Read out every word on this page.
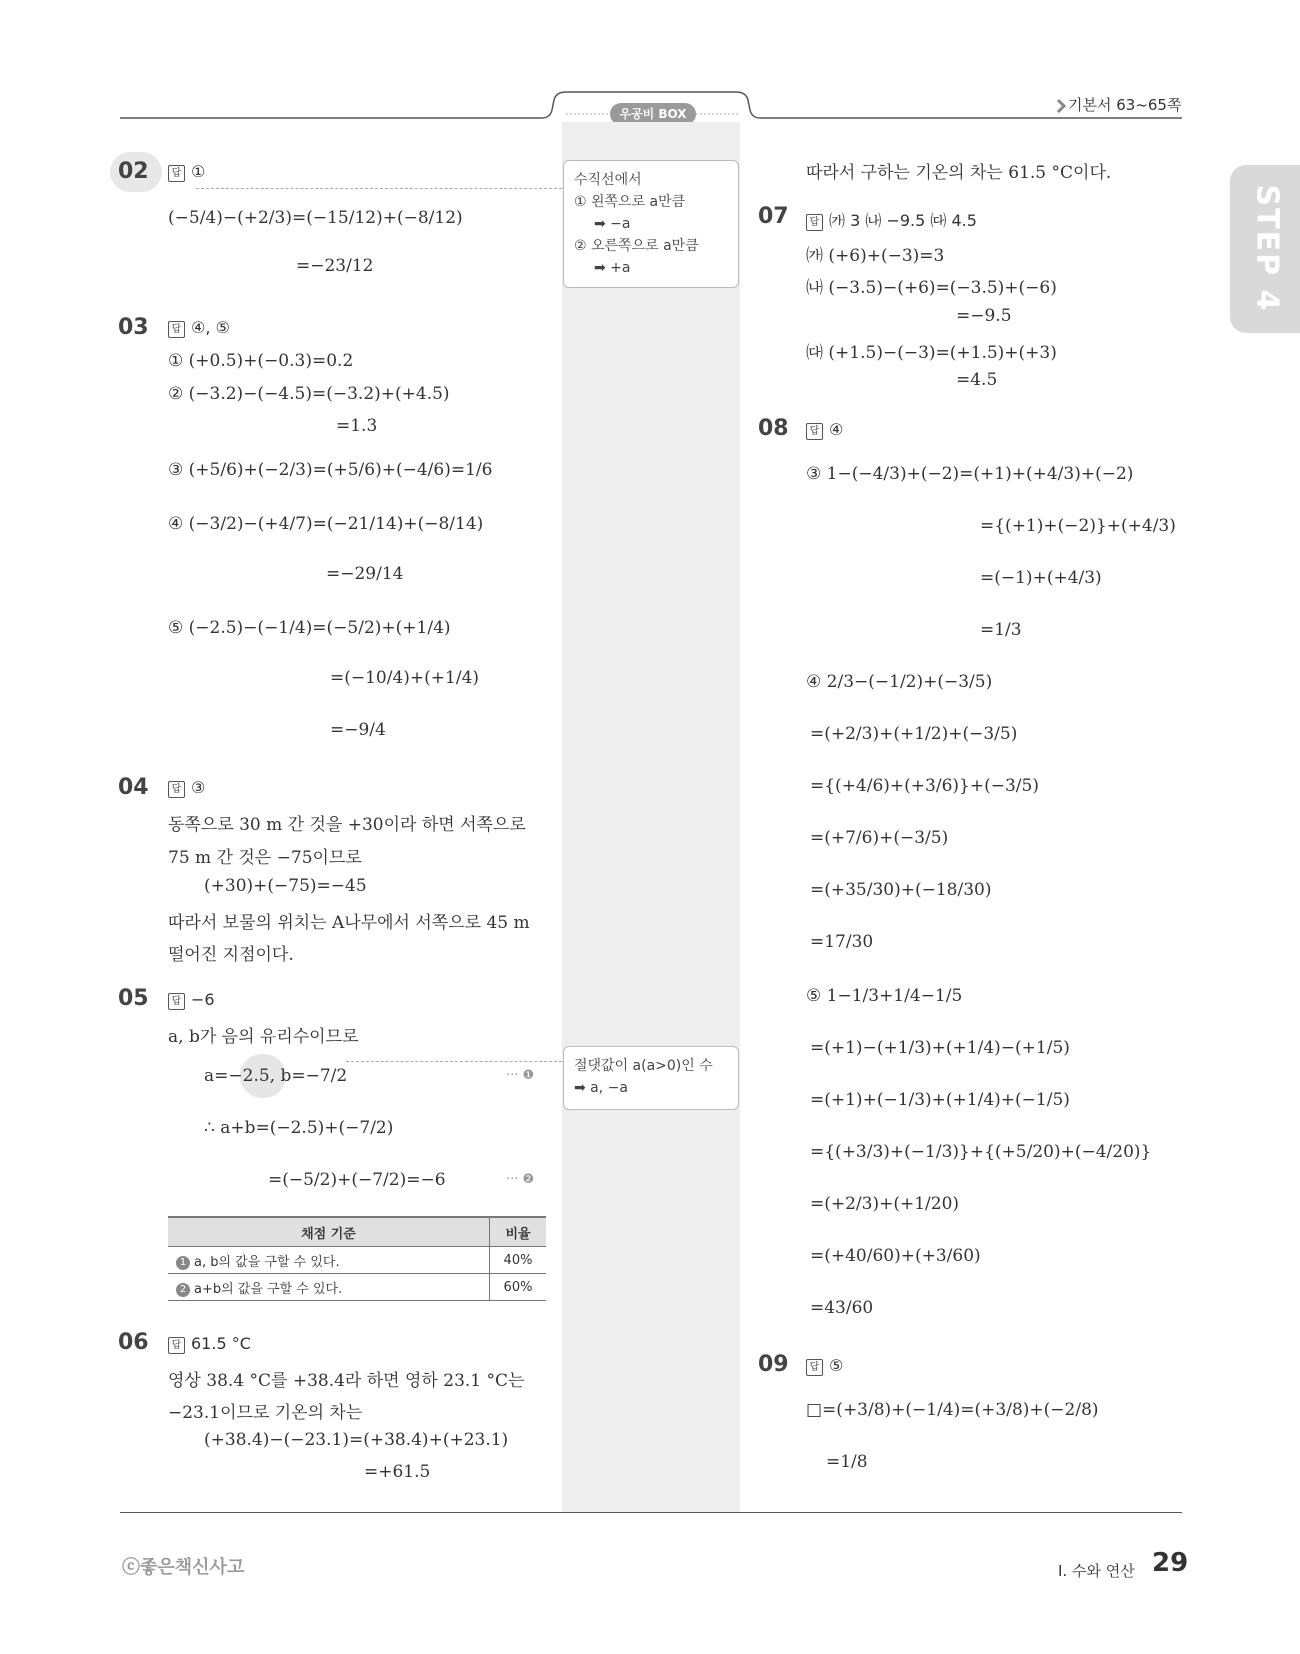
우공비 BOX	기본서 63~65쪽
STEP 4
수직선에서
① 왼쪽으로 a만큼
➡ −a
② 오른쪽으로 a만큼
➡ +a
절댓값이 a(a>0)인 수
➡ a, −a
02	답 ①
(−5/4)−(+2/3)=(−15/12)+(−8/12)
=−23/12
03	답 ④, ⑤
① (+0.5)+(−0.3)=0.2
② (−3.2)−(−4.5)=(−3.2)+(+4.5)
=1.3
③ (+5/6)+(−2/3)=(+5/6)+(−4/6)=1/6
④ (−3/2)−(+4/7)=(−21/14)+(−8/14)
=−29/14
⑤ (−2.5)−(−1/4)=(−5/2)+(+1/4)
=(−10/4)+(+1/4)
=−9/4
04	답 ③
동쪽으로 30 m 간 것을 +30이라 하면 서쪽으로
75 m 간 것은 −75이므로
(+30)+(−75)=−45
따라서 보물의 위치는 A나무에서 서쪽으로 45 m
떨어진 지점이다.
05	답 −6
a, b가 음의 유리수이므로
a=−2.5, b=−7/2	··· ❶
∴ a+b=(−2.5)+(−7/2)
=(−5/2)+(−7/2)=−6	··· ❷
채점 기준	비율
1 a, b의 값을 구할 수 있다.	40%
2 a+b의 값을 구할 수 있다.	60%
06	답 61.5 °C
영상 38.4 °C를 +38.4라 하면 영하 23.1 °C는
−23.1이므로 기온의 차는
(+38.4)−(−23.1)=(+38.4)+(+23.1)
=+61.5
따라서 구하는 기온의 차는 61.5 °C이다.
07	답 ㈎ 3 ㈏ −9.5 ㈐ 4.5
㈎ (+6)+(−3)=3
㈏ (−3.5)−(+6)=(−3.5)+(−6)
=−9.5
㈐ (+1.5)−(−3)=(+1.5)+(+3)
=4.5
08	답 ④
③ 1−(−4/3)+(−2)=(+1)+(+4/3)+(−2)
={(+1)+(−2)}+(+4/3)
=(−1)+(+4/3)
=1/3
④ 2/3−(−1/2)+(−3/5)
=(+2/3)+(+1/2)+(−3/5)
={(+4/6)+(+3/6)}+(−3/5)
=(+7/6)+(−3/5)
=(+35/30)+(−18/30)
=17/30
⑤ 1−1/3+1/4−1/5
=(+1)−(+1/3)+(+1/4)−(+1/5)
=(+1)+(−1/3)+(+1/4)+(−1/5)
={(+3/3)+(−1/3)}+{(+5/20)+(−4/20)}
=(+2/3)+(+1/20)
=(+40/60)+(+3/60)
=43/60
09	답 ⑤
□=(+3/8)+(−1/4)=(+3/8)+(−2/8)
=1/8
ⓒ좋은책신사고	Ⅰ. 수와 연산 29
